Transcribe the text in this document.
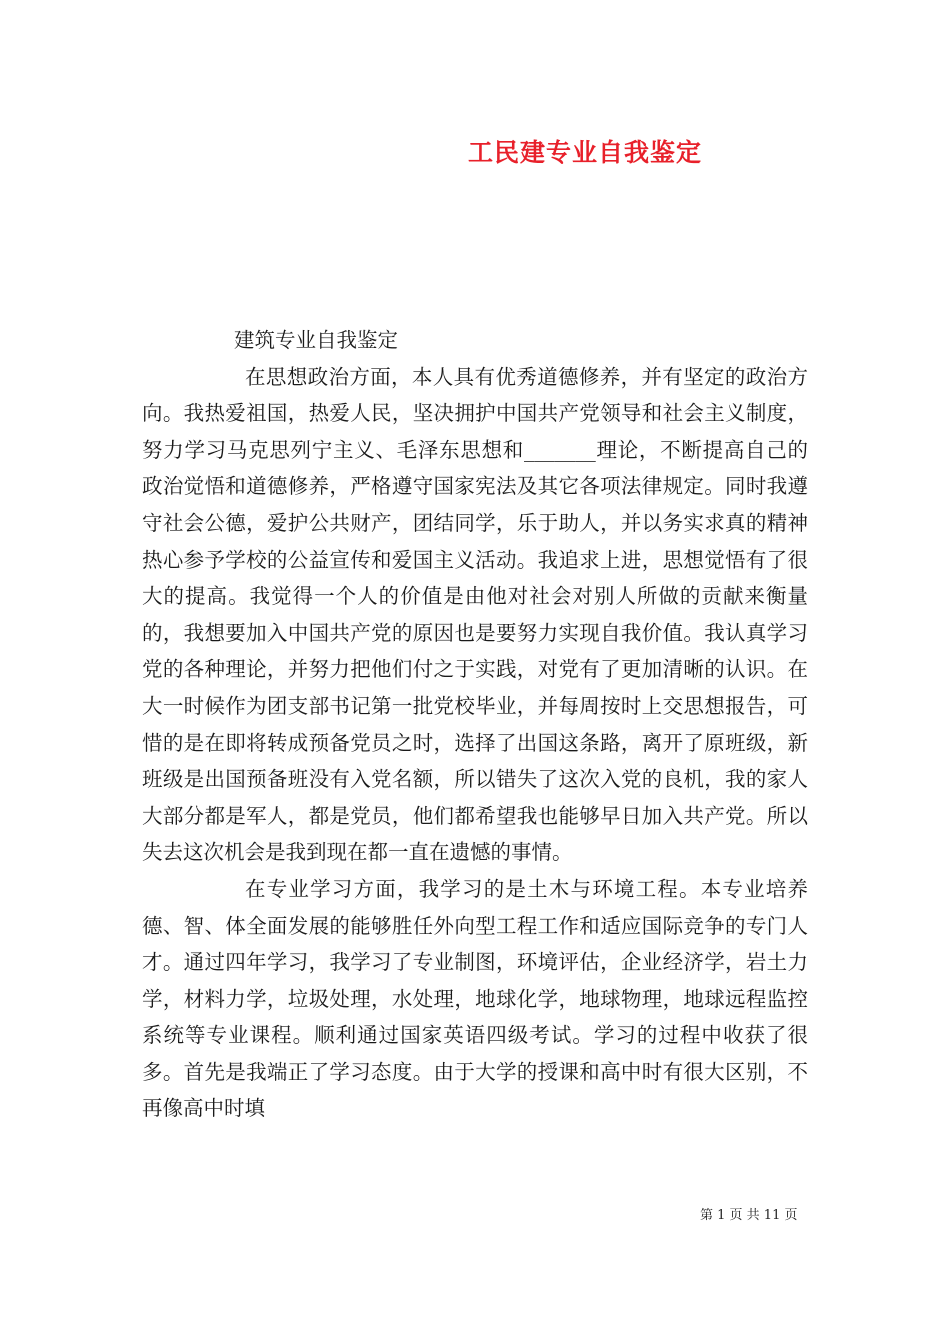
工民建专业自我鉴定

建筑专业自我鉴定

在思想政治方面，本人具有优秀道德修养，并有坚定的政治方向。我热爱祖国，热爱人民，坚决拥护中国共产党领导和社会主义制度，努力学习马克思列宁主义、毛泽东思想和_______理论，不断提高自己的政治觉悟和道德修养，严格遵守国家宪法及其它各项法律规定。同时我遵守社会公德，爱护公共财产，团结同学，乐于助人，并以务实求真的精神热心参予学校的公益宣传和爱国主义活动。我追求上进，思想觉悟有了很大的提高。我觉得一个人的价值是由他对社会对别人所做的贡献来衡量的，我想要加入中国共产党的原因也是要努力实现自我价值。我认真学习党的各种理论，并努力把他们付之于实践，对党有了更加清晰的认识。在大一时候作为团支部书记第一批党校毕业，并每周按时上交思想报告，可惜的是在即将转成预备党员之时，选择了出国这条路，离开了原班级，新班级是出国预备班没有入党名额，所以错失了这次入党的良机，我的家人大部分都是军人，都是党员，他们都希望我也能够早日加入共产党。所以失去这次机会是我到现在都一直在遗憾的事情。

在专业学习方面，我学习的是土木与环境工程。本专业培养德、智、体全面发展的能够胜任外向型工程工作和适应国际竞争的专门人才。通过四年学习，我学习了专业制图，环境评估，企业经济学，岩土力学，材料力学，垃圾处理，水处理，地球化学，地球物理，地球远程监控系统等专业课程。顺利通过国家英语四级考试。学习的过程中收获了很多。首先是我端正了学习态度。由于大学的授课和高中时有很大区别，不再像高中时填

第 1 页 共 11 页
